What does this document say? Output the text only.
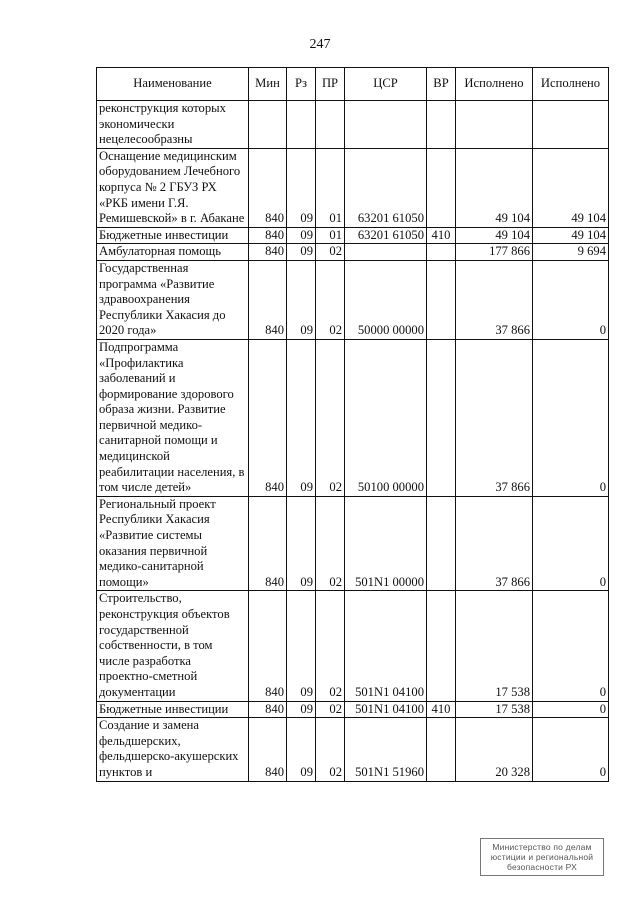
247
Наименование	Мин	Рз	ПР	ЦСР	ВР	Исполнено	Исполнено
реконструкция которых экономически нецелесообразны							
Оснащение медицинским оборудованием Лечебного корпуса № 2 ГБУЗ РХ «РКБ имени Г.Я. Ремишевской» в г. Абакане	840	09	01	63201 61050		49 104	49 104
Бюджетные инвестиции	840	09	01	63201 61050	410	49 104	49 104
Амбулаторная помощь	840	09	02			177 866	9 694
Государственная программа «Развитие здравоохранения Республики Хакасия до 2020 года»	840	09	02	50000 00000		37 866	0
Подпрограмма «Профилактика заболеваний и формирование здорового образа жизни. Развитие первичной медико-санитарной помощи и медицинской реабилитации населения, в том числе детей»	840	09	02	50100 00000		37 866	0
Региональный проект Республики Хакасия «Развитие системы оказания первичной медико-санитарной помощи»	840	09	02	501N1 00000		37 866	0
Строительство, реконструкция объектов государственной собственности, в том числе разработка проектно-сметной документации	840	09	02	501N1 04100		17 538	0
Бюджетные инвестиции	840	09	02	501N1 04100	410	17 538	0
Создание и замена фельдшерских, фельдшерско-акушерских пунктов и	840	09	02	501N1 51960		20 328	0
Министерство по делам
юстиции и региональной
безопасности РХ
